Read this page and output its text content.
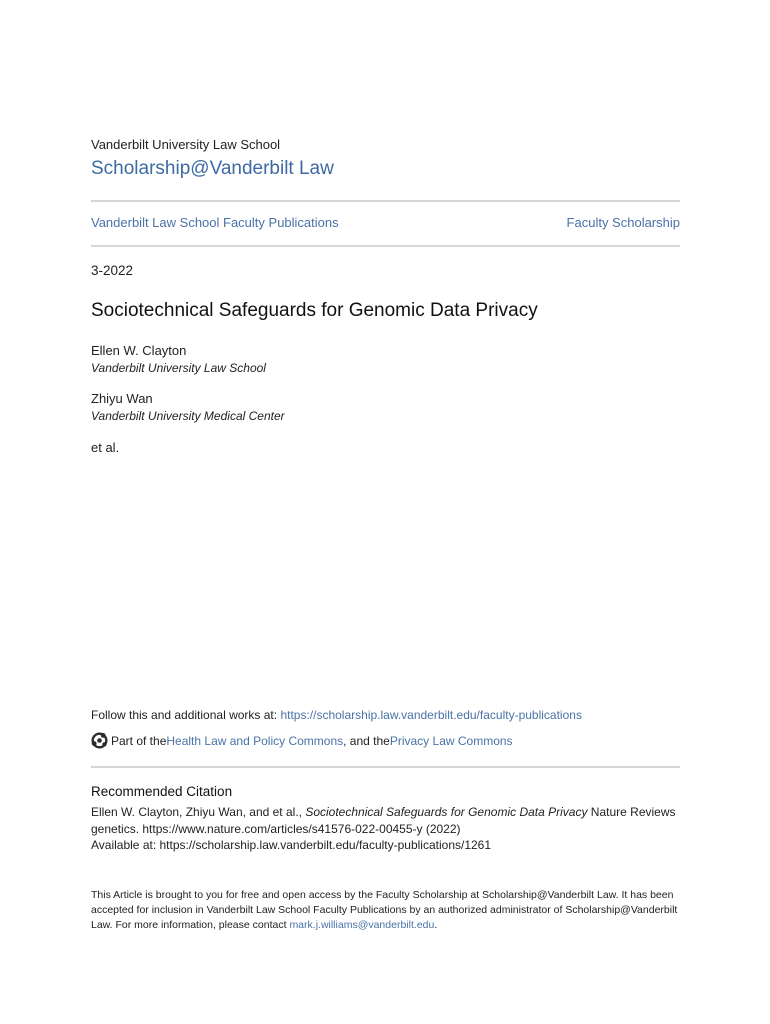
Vanderbilt University Law School
Scholarship@Vanderbilt Law
Vanderbilt Law School Faculty Publications	Faculty Scholarship
3-2022
Sociotechnical Safeguards for Genomic Data Privacy
Ellen W. Clayton
Vanderbilt University Law School
Zhiyu Wan
Vanderbilt University Medical Center
et al.
Follow this and additional works at: https://scholarship.law.vanderbilt.edu/faculty-publications
Part of the Health Law and Policy Commons , and the Privacy Law Commons
Recommended Citation
Ellen W. Clayton, Zhiyu Wan, and et al., Sociotechnical Safeguards for Genomic Data Privacy Nature Reviews genetics. https://www.nature.com/articles/s41576-022-00455-y (2022)
Available at: https://scholarship.law.vanderbilt.edu/faculty-publications/1261
This Article is brought to you for free and open access by the Faculty Scholarship at Scholarship@Vanderbilt Law. It has been accepted for inclusion in Vanderbilt Law School Faculty Publications by an authorized administrator of Scholarship@Vanderbilt Law. For more information, please contact mark.j.williams@vanderbilt.edu.
